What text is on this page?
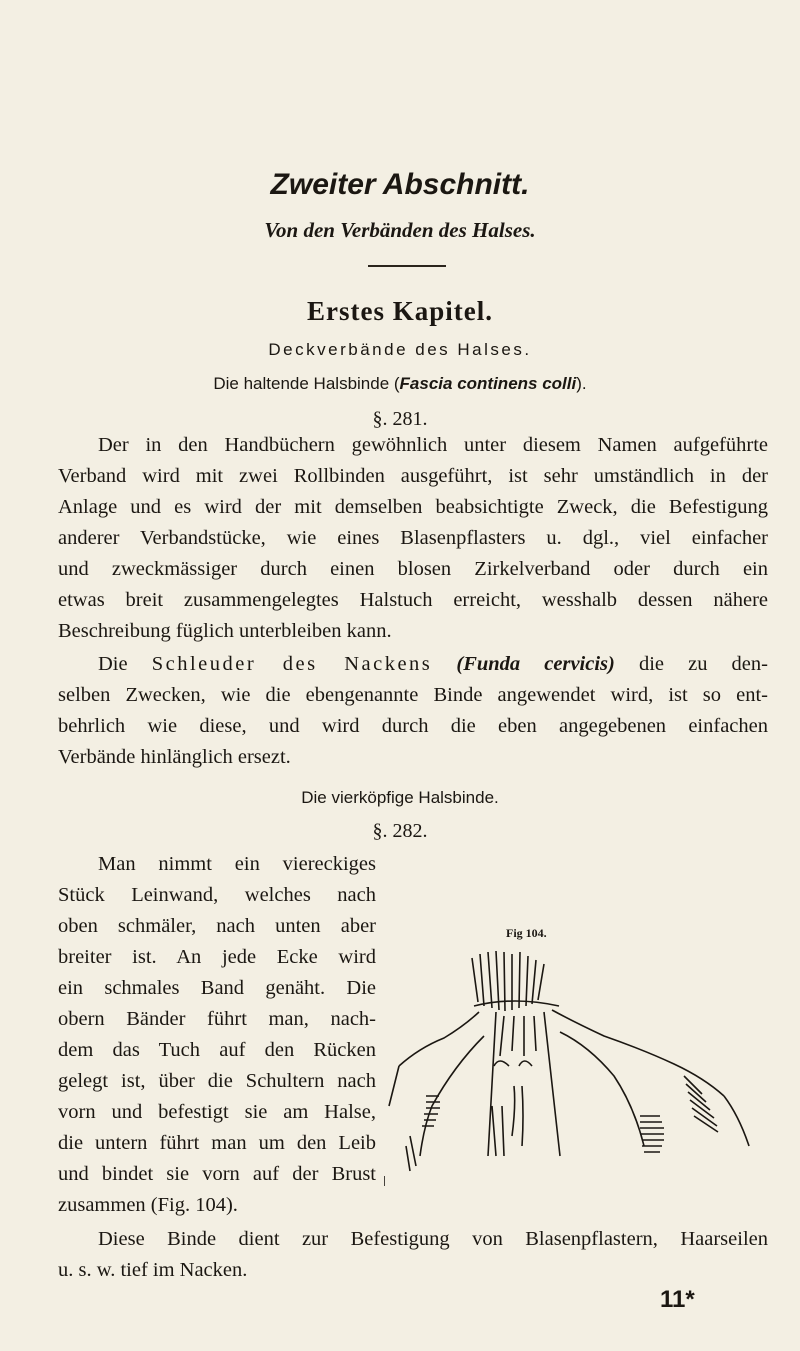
Zweiter Abschnitt.
Von den Verbänden des Halses.
Erstes Kapitel.
Deckverbände des Halses.
Die haltende Halsbinde (Fascia continens colli).
§. 281.
Der in den Handbüchern gewöhnlich unter diesem Namen aufgeführte
Verband wird mit zwei Rollbinden ausgeführt, ist sehr umständlich in der
Anlage und es wird der mit demselben beabsichtigte Zweck, die Befestigung
anderer Verbandstücke, wie eines Blasenpflasters u. dgl., viel einfacher
und zweckmässiger durch einen blosen Zirkelverband oder durch ein
etwas breit zusammengelegtes Halstuch erreicht, wesshalb dessen nähere
Beschreibung füglich unterbleiben kann.
Die Schleuder des Nackens (Funda cervicis) die zu den-
selben Zwecken, wie die ebengenannte Binde angewendet wird, ist so ent-
behrlich wie diese, und wird durch die eben angegebenen einfachen
Verbände hinlänglich ersezt.
Die vierköpfige Halsbinde.
§. 282.
Man nimmt ein viereckiges
Stück Leinwand, welches nach
oben schmäler, nach unten aber
breiter ist. An jede Ecke wird
ein schmales Band genäht. Die
obern Bänder führt man, nach-
dem das Tuch auf den Rücken
gelegt ist, über die Schultern nach
vorn und befestigt sie am Halse,
die untern führt man um den Leib
und bindet sie vorn auf der Brust
zusammen (Fig. 104).
Fig 104.
Diese Binde dient zur Befestigung von Blasenpflastern, Haarseilen
u. s. w. tief im Nacken.
11*
